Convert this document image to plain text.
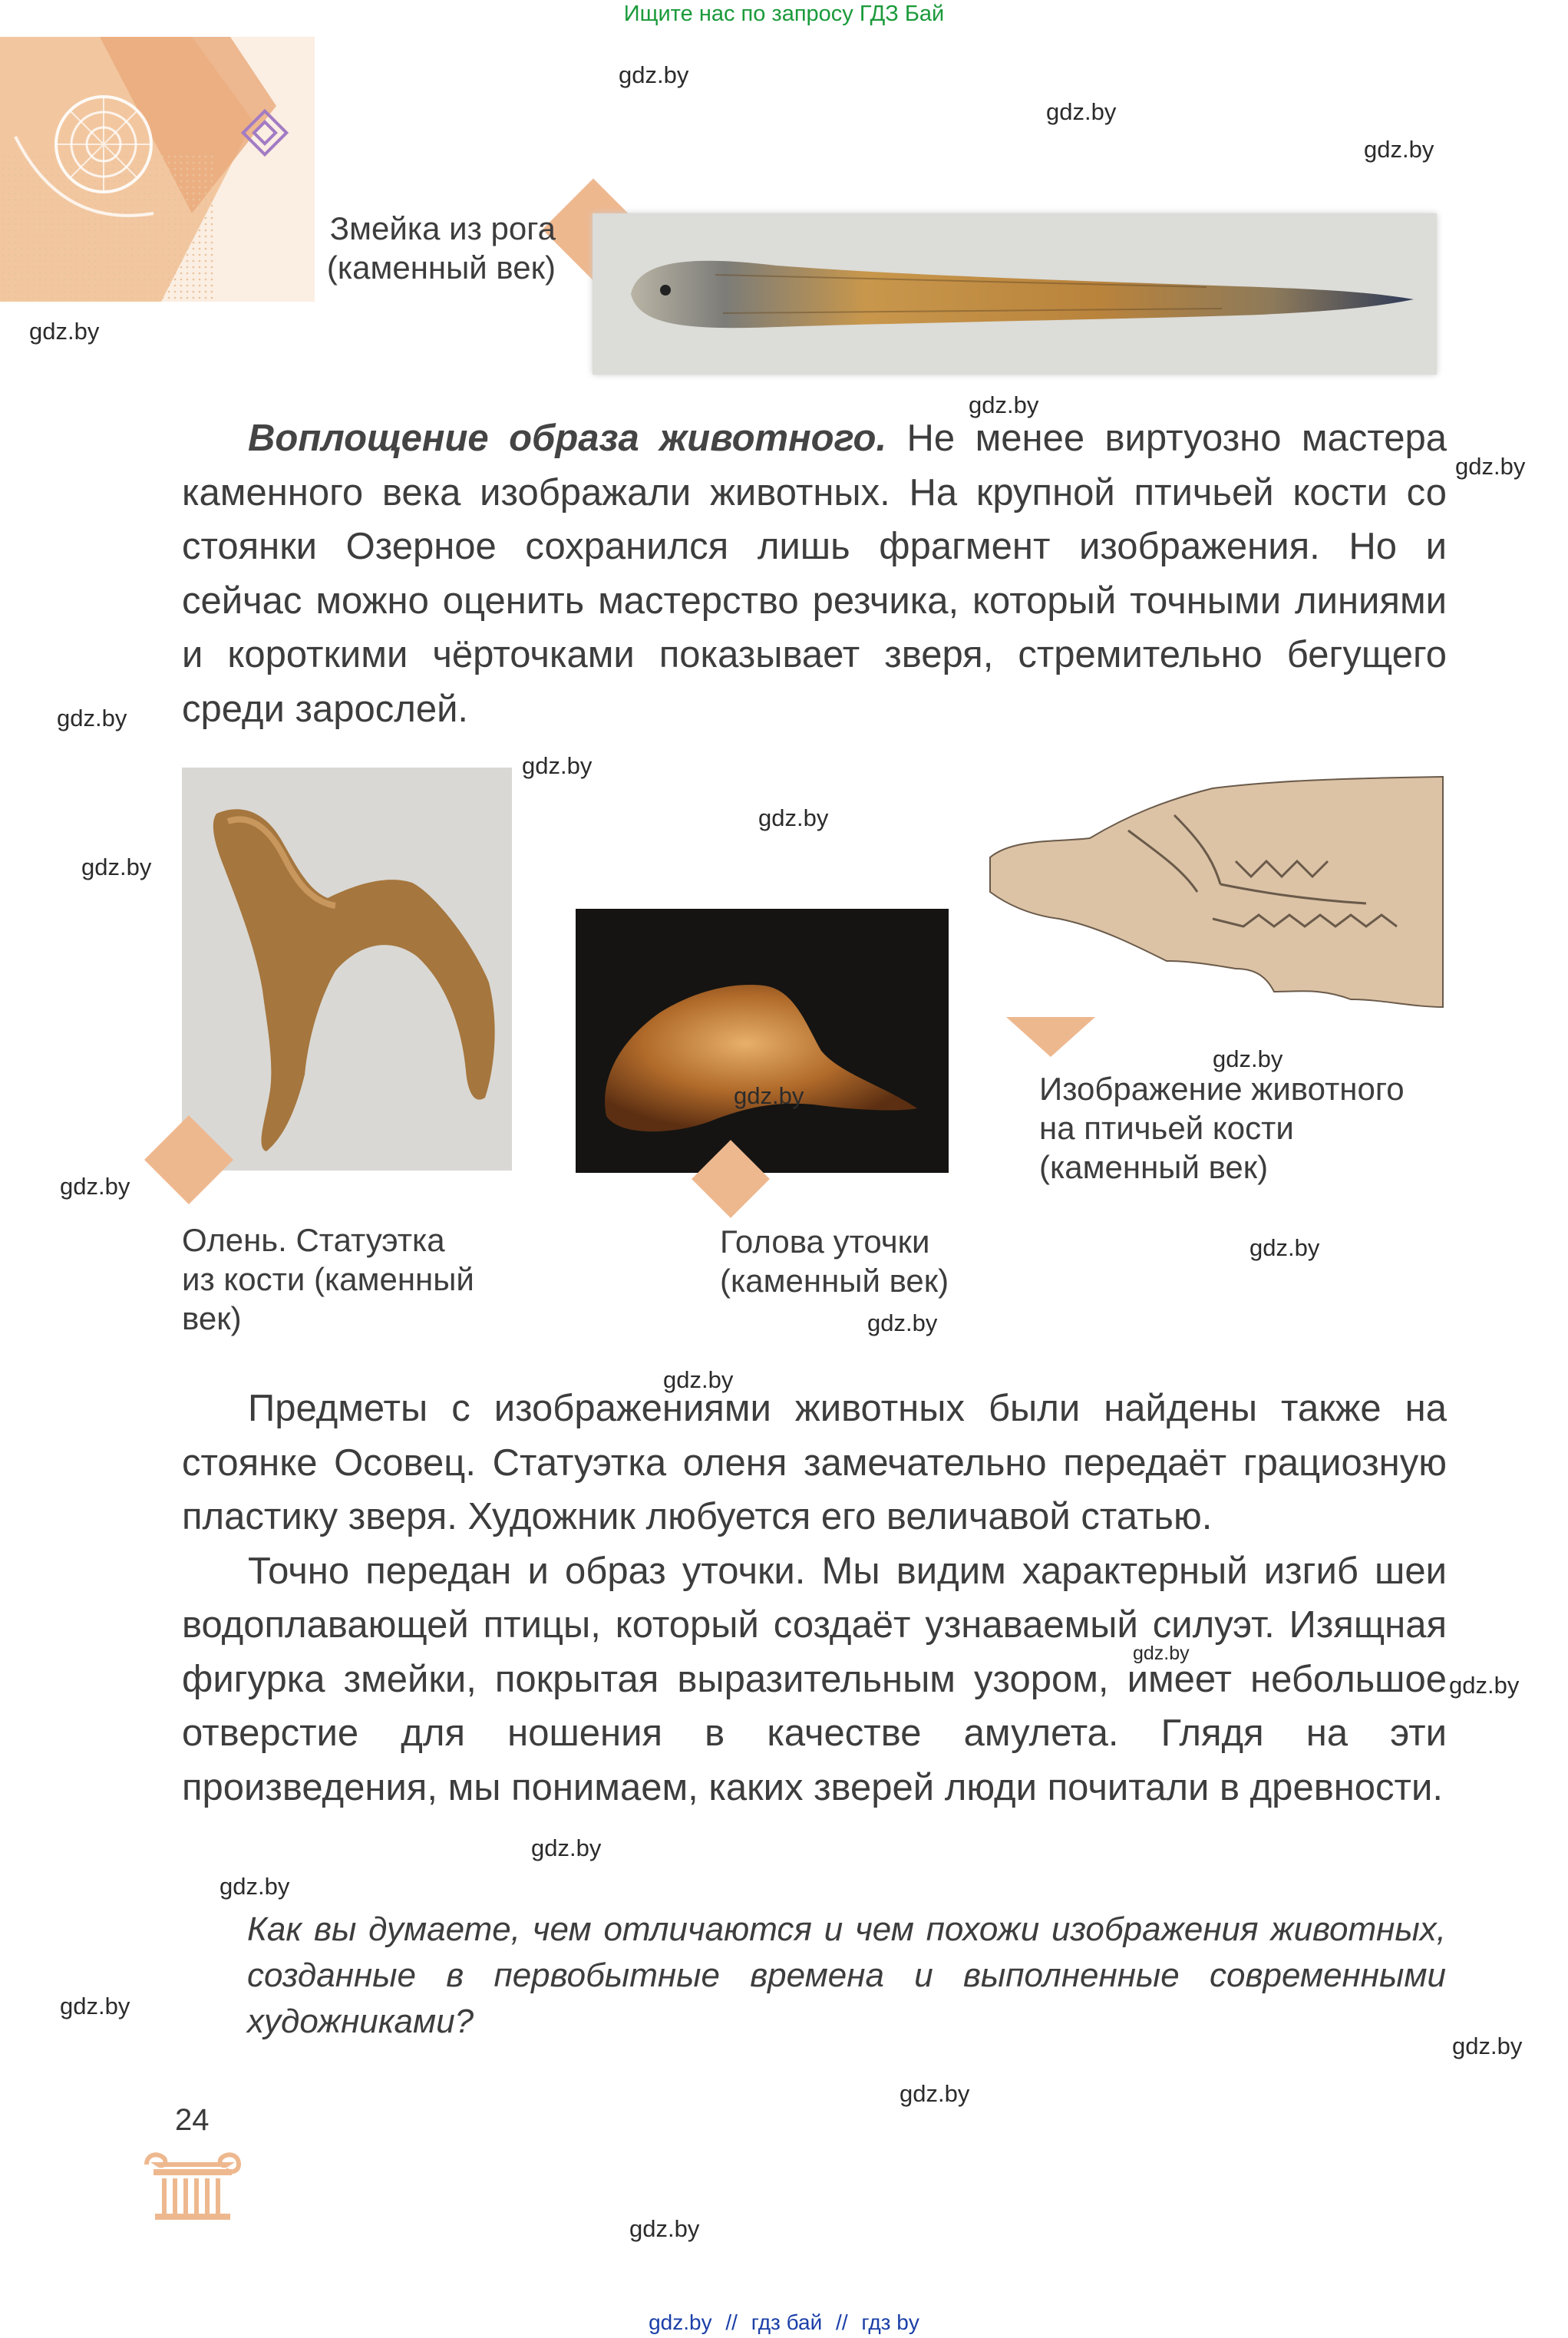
Ищите нас по запросу ГДЗ Бай
Змейка из рога
(каменный век)

Воплощение образа животного. Не менее виртуозно мастера каменного века изображали животных. На крупной птичьей кости со стоянки Озерное сохранился лишь фрагмент изображения. Но и сейчас можно оценить мастерство резчика, который точными линиями и короткими чёрточками показывает зверя, стремительно бегущего среди зарослей.

Олень. Статуэтка
из кости (каменный
век)
Голова уточки
(каменный век)
Изображение животного
на птичьей кости
(каменный век)

Предметы с изображениями животных были найдены также на стоянке Осовец. Статуэтка оленя замечательно передаёт грациозную пластику зверя. Художник любуется его величавой статью.

Точно передан и образ уточки. Мы видим характерный изгиб шеи водоплавающей птицы, который создаёт узнаваемый силуэт. Изящная фигурка змейки, покрытая выразительным узором, имеет небольшое отверстие для ношения в качестве амулета. Глядя на эти произведения, мы понимаем, каких зверей люди почитали в древности.

Как вы думаете, чем отличаются и чем похожи изображения животных, созданные в первобытные времена и выполненные современными художниками?
24
gdz.by
gdz.by
gdz.by
gdz.by
gdz.by
gdz.by
gdz.by
gdz.by
gdz.by
gdz.by
gdz.by
gdz.by
gdz.by
gdz.by
gdz.by
gdz.by
gdz.by
gdz.by
gdz.by
gdz.by
gdz.by
gdz.by
gdz.by
gdz.by
gdz.by // гдз бай // гдз by
